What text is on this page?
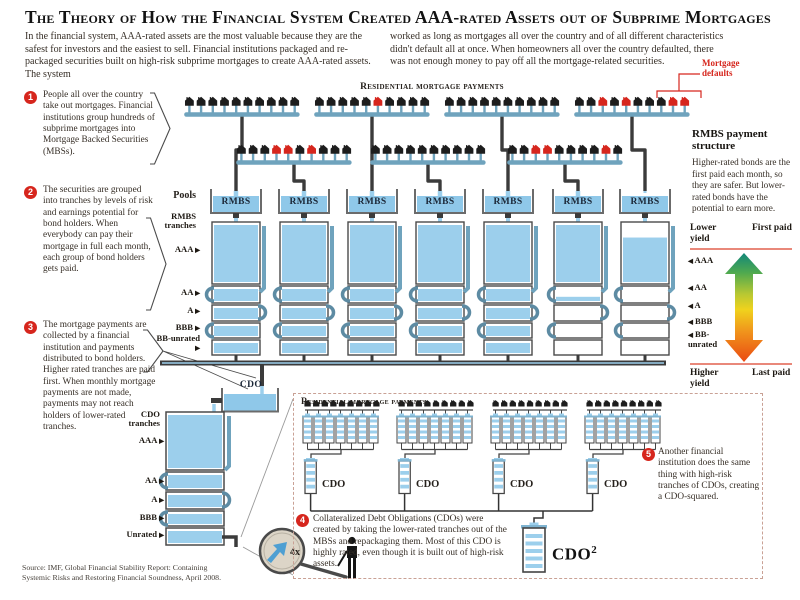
The Theory of How the Financial System Created AAA-rated Assets out of Subprime Mortgages
In the financial system, AAA-rated assets are the most valuable because they are the safest for investors and the easiest to sell. Financial institutions packaged and re-packaged securities built on high-risk subprime mortgages to create AAA-rated assets. The system
worked as long as mortgages all over the country and of all different characteristics didn't default all at once. When homeowners all over the country defaulted, there was not enough money to pay off all the mortgage-related securities.
1	People all over the country take out mortgages. Financial institutions group hundreds of subprime mortgages into Mortgage Backed Securities (MBSs).
2	The securities are grouped into tranches by levels of risk and earnings potential for bond holders. When everybody can pay their mortgage in full each month, each group of bond holders gets paid.
3	The mortgage payments are collected by a financial institution and payments distributed to bond holders. Higher rated tranches are paid first. When monthly mortgage payments are not made, payments may not reach holders of lower-rated tranches.
Residential mortgage payments
Mortgage defaults
Pools
RMBS tranches
AAA ▶
AA ▶
A ▶
BBB ▶
BB-unrated ▶
RMBS	RMBS	RMBS	RMBS	RMBS	RMBS	RMBS
CDO
CDO tranches
AAA ▶
AA ▶
A ▶
BBB ▶
Unrated ▶
4x
Residential mortgage payments
CDO	CDO	CDO	CDO
CDO$^2$
4 Collateralized Debt Obligations (CDOs) were created by taking the lower-rated tranches out of the MBSs and repackaging them. Most of this CDO is highly rated, even though it is built out of high-risk assets.
5 Another financial institution does the same thing with high-risk tranches of CDOs, creating a CDO-squared.
RMBS payment structure
Higher-rated bonds are the first paid each month, so they are safer. But lower-rated bonds have the potential to earn more.
Lower yield
First paid
Higher yield
Last paid
◀ AAA
◀ AA
◀ A
◀ BBB
◀ BB-unrated
Source: IMF, Global Financial Stability Report: Containing Systemic Risks and Restoring Financial Soundness, April 2008.
